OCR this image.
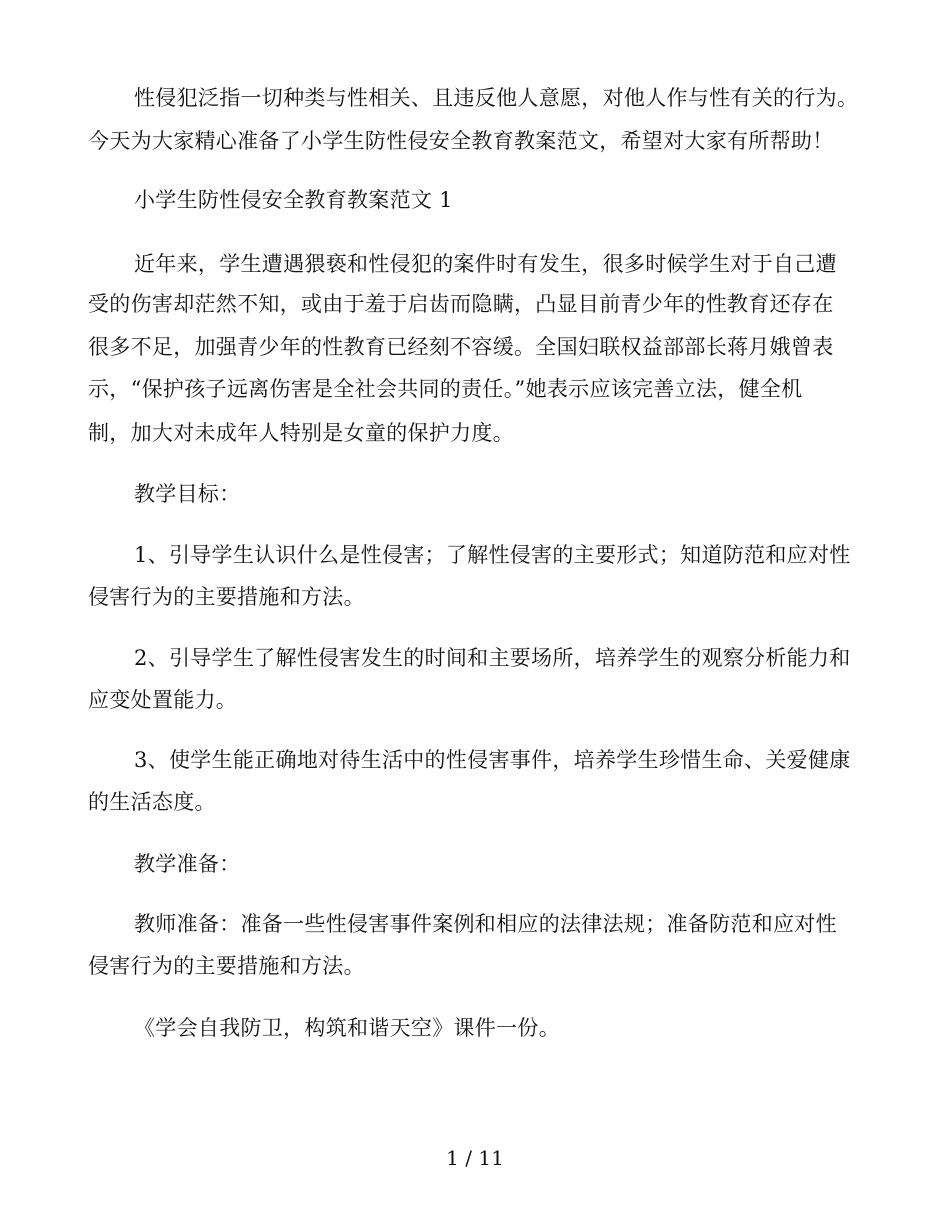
性侵犯泛指一切种类与性相关、且违反他人意愿，对他人作与性有关的行为。
今天为大家精心准备了小学生防性侵安全教育教案范文，希望对大家有所帮助！
小学生防性侵安全教育教案范文 1
近年来，学生遭遇猥亵和性侵犯的案件时有发生，很多时候学生对于自己遭
受的伤害却茫然不知，或由于羞于启齿而隐瞒，凸显目前青少年的性教育还存在
很多不足，加强青少年的性教育已经刻不容缓。全国妇联权益部部长蒋月娥曾表
示，“保护孩子远离伤害是全社会共同的责任。”她表示应该完善立法，健全机
制，加大对未成年人特别是女童的保护力度。
教学目标：
1、引导学生认识什么是性侵害；了解性侵害的主要形式；知道防范和应对性
侵害行为的主要措施和方法。
2、引导学生了解性侵害发生的时间和主要场所，培养学生的观察分析能力和
应变处置能力。
3、使学生能正确地对待生活中的性侵害事件，培养学生珍惜生命、关爱健康
的生活态度。
教学准备：
教师准备：准备一些性侵害事件案例和相应的法律法规；准备防范和应对性
侵害行为的主要措施和方法。
《学会自我防卫，构筑和谐天空》课件一份。
1 / 11
